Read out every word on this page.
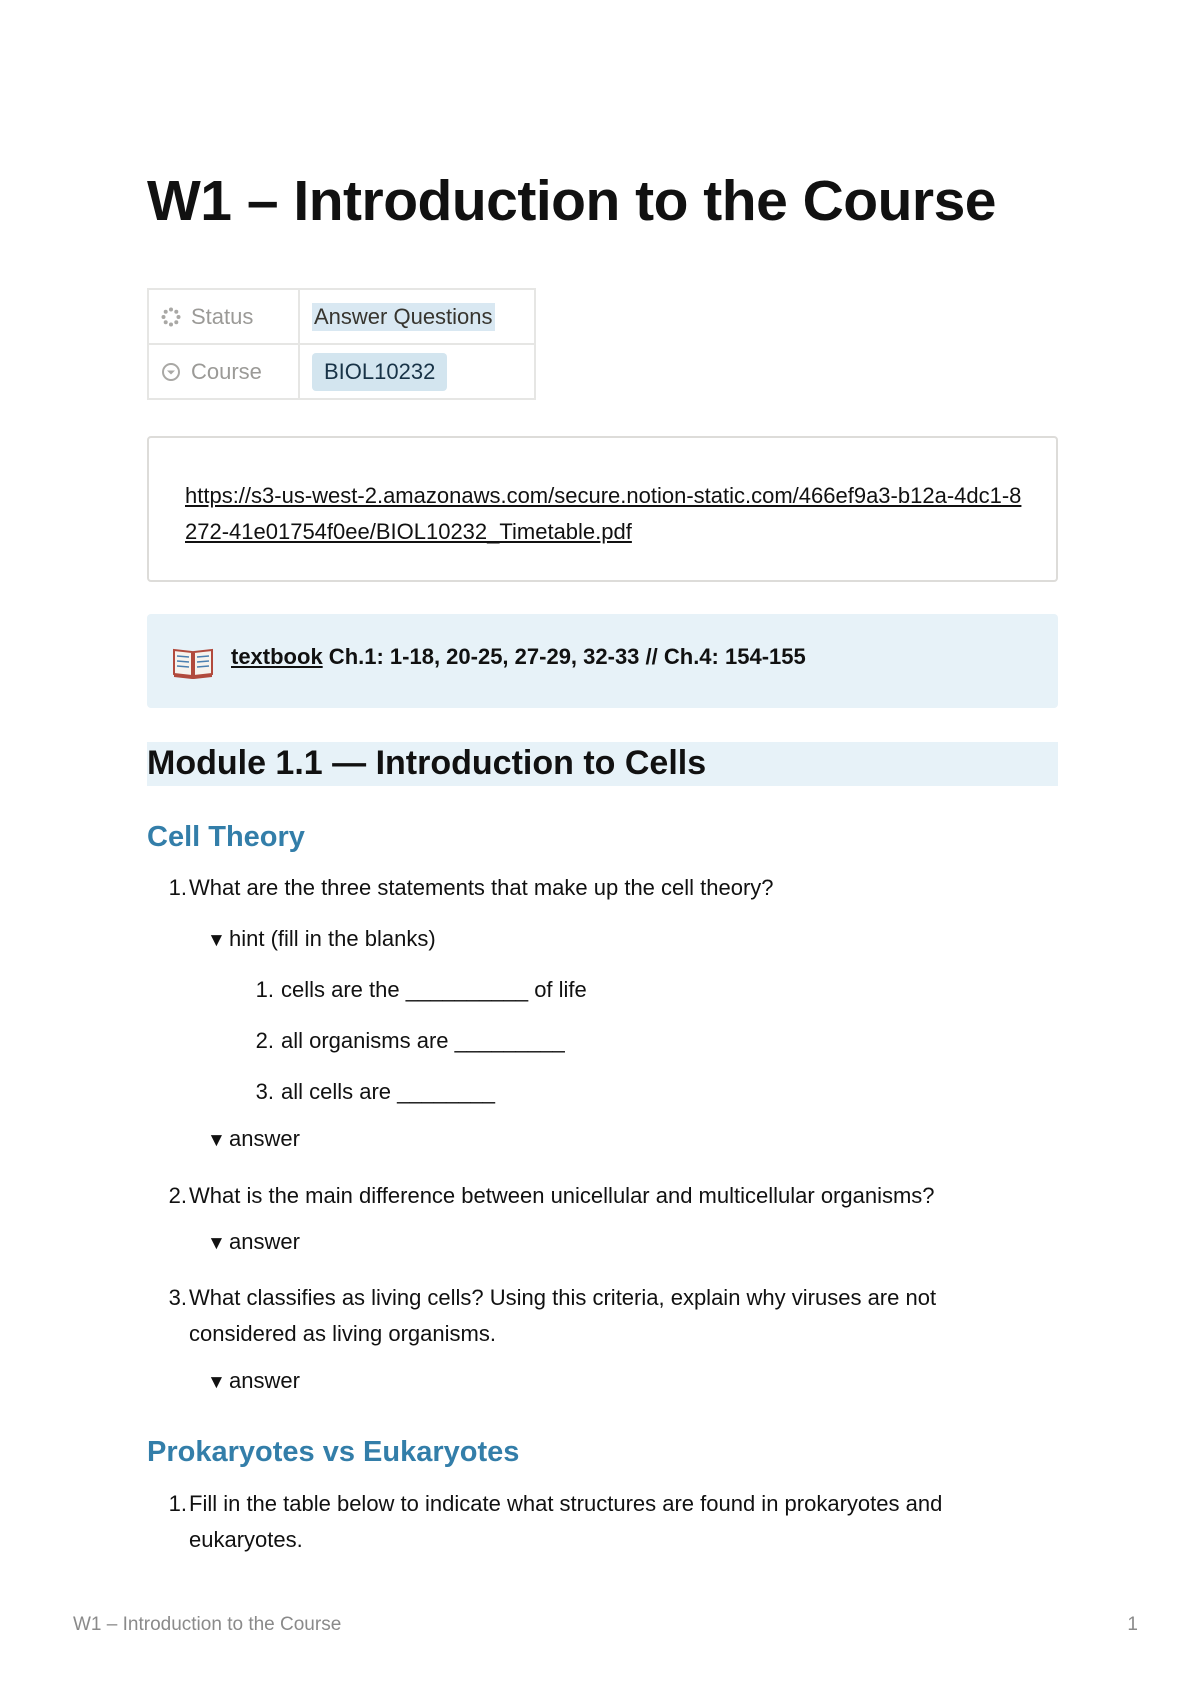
W1 – Introduction to the Course
Status	Answer Questions

Course	BIOL10232
https://s3-us-west-2.amazonaws.com/secure.notion-static.com/466ef9a3-b12a-4dc1-8272-41e01754f0ee/BIOL10232_Timetable.pdf
textbook Ch.1: 1-18, 20-25, 27-29, 32-33 // Ch.4: 154-155
Module 1.1 — Introduction to Cells
Cell Theory
1. What are the three statements that make up the cell theory?
▼ hint (fill in the blanks)
1. cells are the __________ of life
2. all organisms are _________
3. all cells are ________
▼ answer
2. What is the main difference between unicellular and multicellular organisms?
▼ answer
3. What classifies as living cells? Using this criteria, explain why viruses are not considered as living organisms.
▼ answer
Prokaryotes vs Eukaryotes
1. Fill in the table below to indicate what structures are found in prokaryotes and eukaryotes.
W1 – Introduction to the Course	1
